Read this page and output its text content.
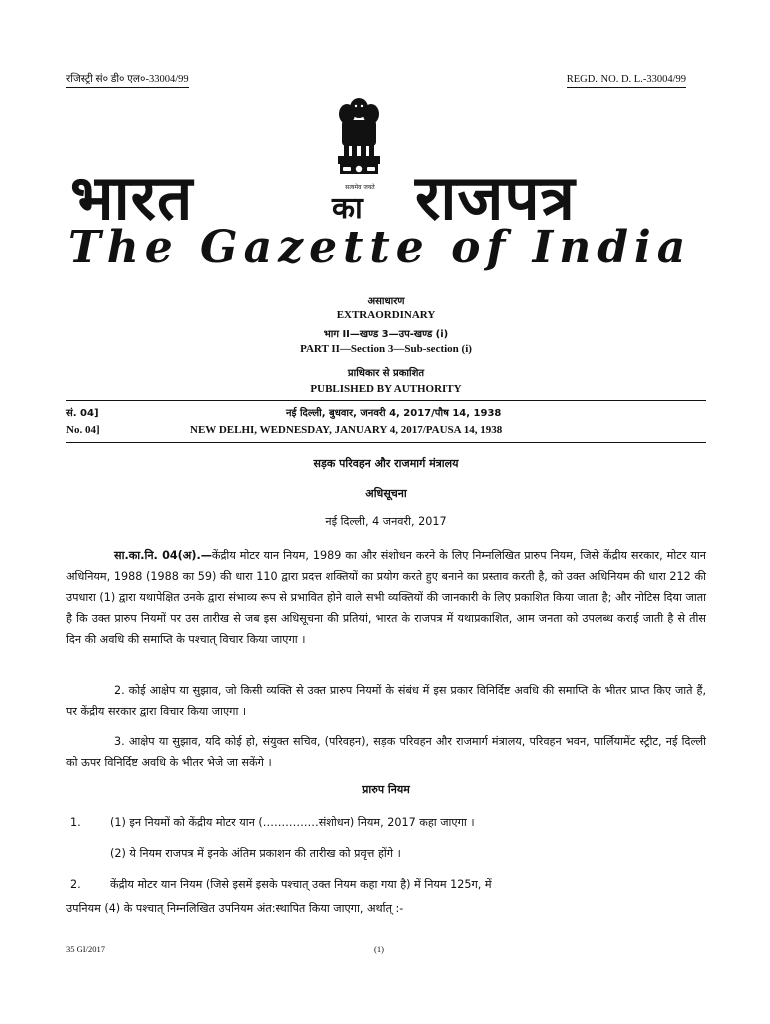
रजिस्ट्री सं० डी० एल०-33004/99	REGD. NO. D. L.-33004/99
सत्यमेव जयते
भारत	का राजपत्र
The Gazette of India
असाधारण
EXTRAORDINARY
भाग II—खण्ड 3—उप-खण्ड (i)
PART II—Section 3—Sub-section (i)
प्राधिकार से प्रकाशित
PUBLISHED BY AUTHORITY
सं. 04]	नई दिल्ली, बुधवार, जनवरी 4, 2017/पौष 14, 1938
No. 04]	NEW DELHI, WEDNESDAY, JANUARY 4, 2017/PAUSA 14, 1938
सड़क परिवहन और राजमार्ग मंत्रालय
अधिसूचना
नई दिल्ली, 4 जनवरी, 2017
सा.का.नि. 04(अ).—केंद्रीय मोटर यान नियम, 1989 का और संशोधन करने के लिए निम्नलिखित प्रारुप नियम, जिसे केंद्रीय सरकार, मोटर यान अधिनियम, 1988 (1988 का 59) की धारा 110 द्वारा प्रदत्त शक्तियों का प्रयोग करते हुए बनाने का प्रस्ताव करती है, को उक्त अधिनियम की धारा 212 की उपधारा (1) द्वारा यथापेक्षित उनके द्वारा संभाव्य रूप से प्रभावित होने वाले सभी व्यक्तियों की जानकारी के लिए प्रकाशित किया जाता है; और नोटिस दिया जाता है कि उक्त प्रारुप नियमों पर उस तारीख से जब इस अधिसूचना की प्रतियां, भारत के राजपत्र में यथाप्रकाशित, आम जनता को उपलब्ध कराई जाती है से तीस दिन की अवधि की समाप्ति के पश्चात् विचार किया जाएगा ।
2. कोई आक्षेप या सुझाव, जो किसी व्यक्ति से उक्त प्रारुप नियमों के संबंध में इस प्रकार विनिर्दिष्ट अवधि की समाप्ति के भीतर प्राप्त किए जाते हैं, पर केंद्रीय सरकार द्वारा विचार किया जाएगा ।
3. आक्षेप या सुझाव, यदि कोई हो, संयुक्त सचिव, (परिवहन), सड़क परिवहन और राजमार्ग मंत्रालय, परिवहन भवन, पार्लियामेंट स्ट्रीट, नई दिल्ली को ऊपर विनिर्दिष्ट अवधि के भीतर भेजे जा सकेंगे ।
प्रारुप नियम
1.	(1) इन नियमों को केंद्रीय मोटर यान (……………संशोधन) नियम, 2017 कहा जाएगा ।
(2) ये नियम राजपत्र में इनके अंतिम प्रकाशन की तारीख को प्रवृत्त होंगे ।
2.	केंद्रीय मोटर यान नियम (जिसे इसमें इसके पश्चात् उक्त नियम कहा गया है) में नियम 125ग, में
उपनियम (4) के पश्चात् निम्नलिखित उपनियम अंत:स्थापित किया जाएगा, अर्थात् :-
35 GI/2017	(1)
